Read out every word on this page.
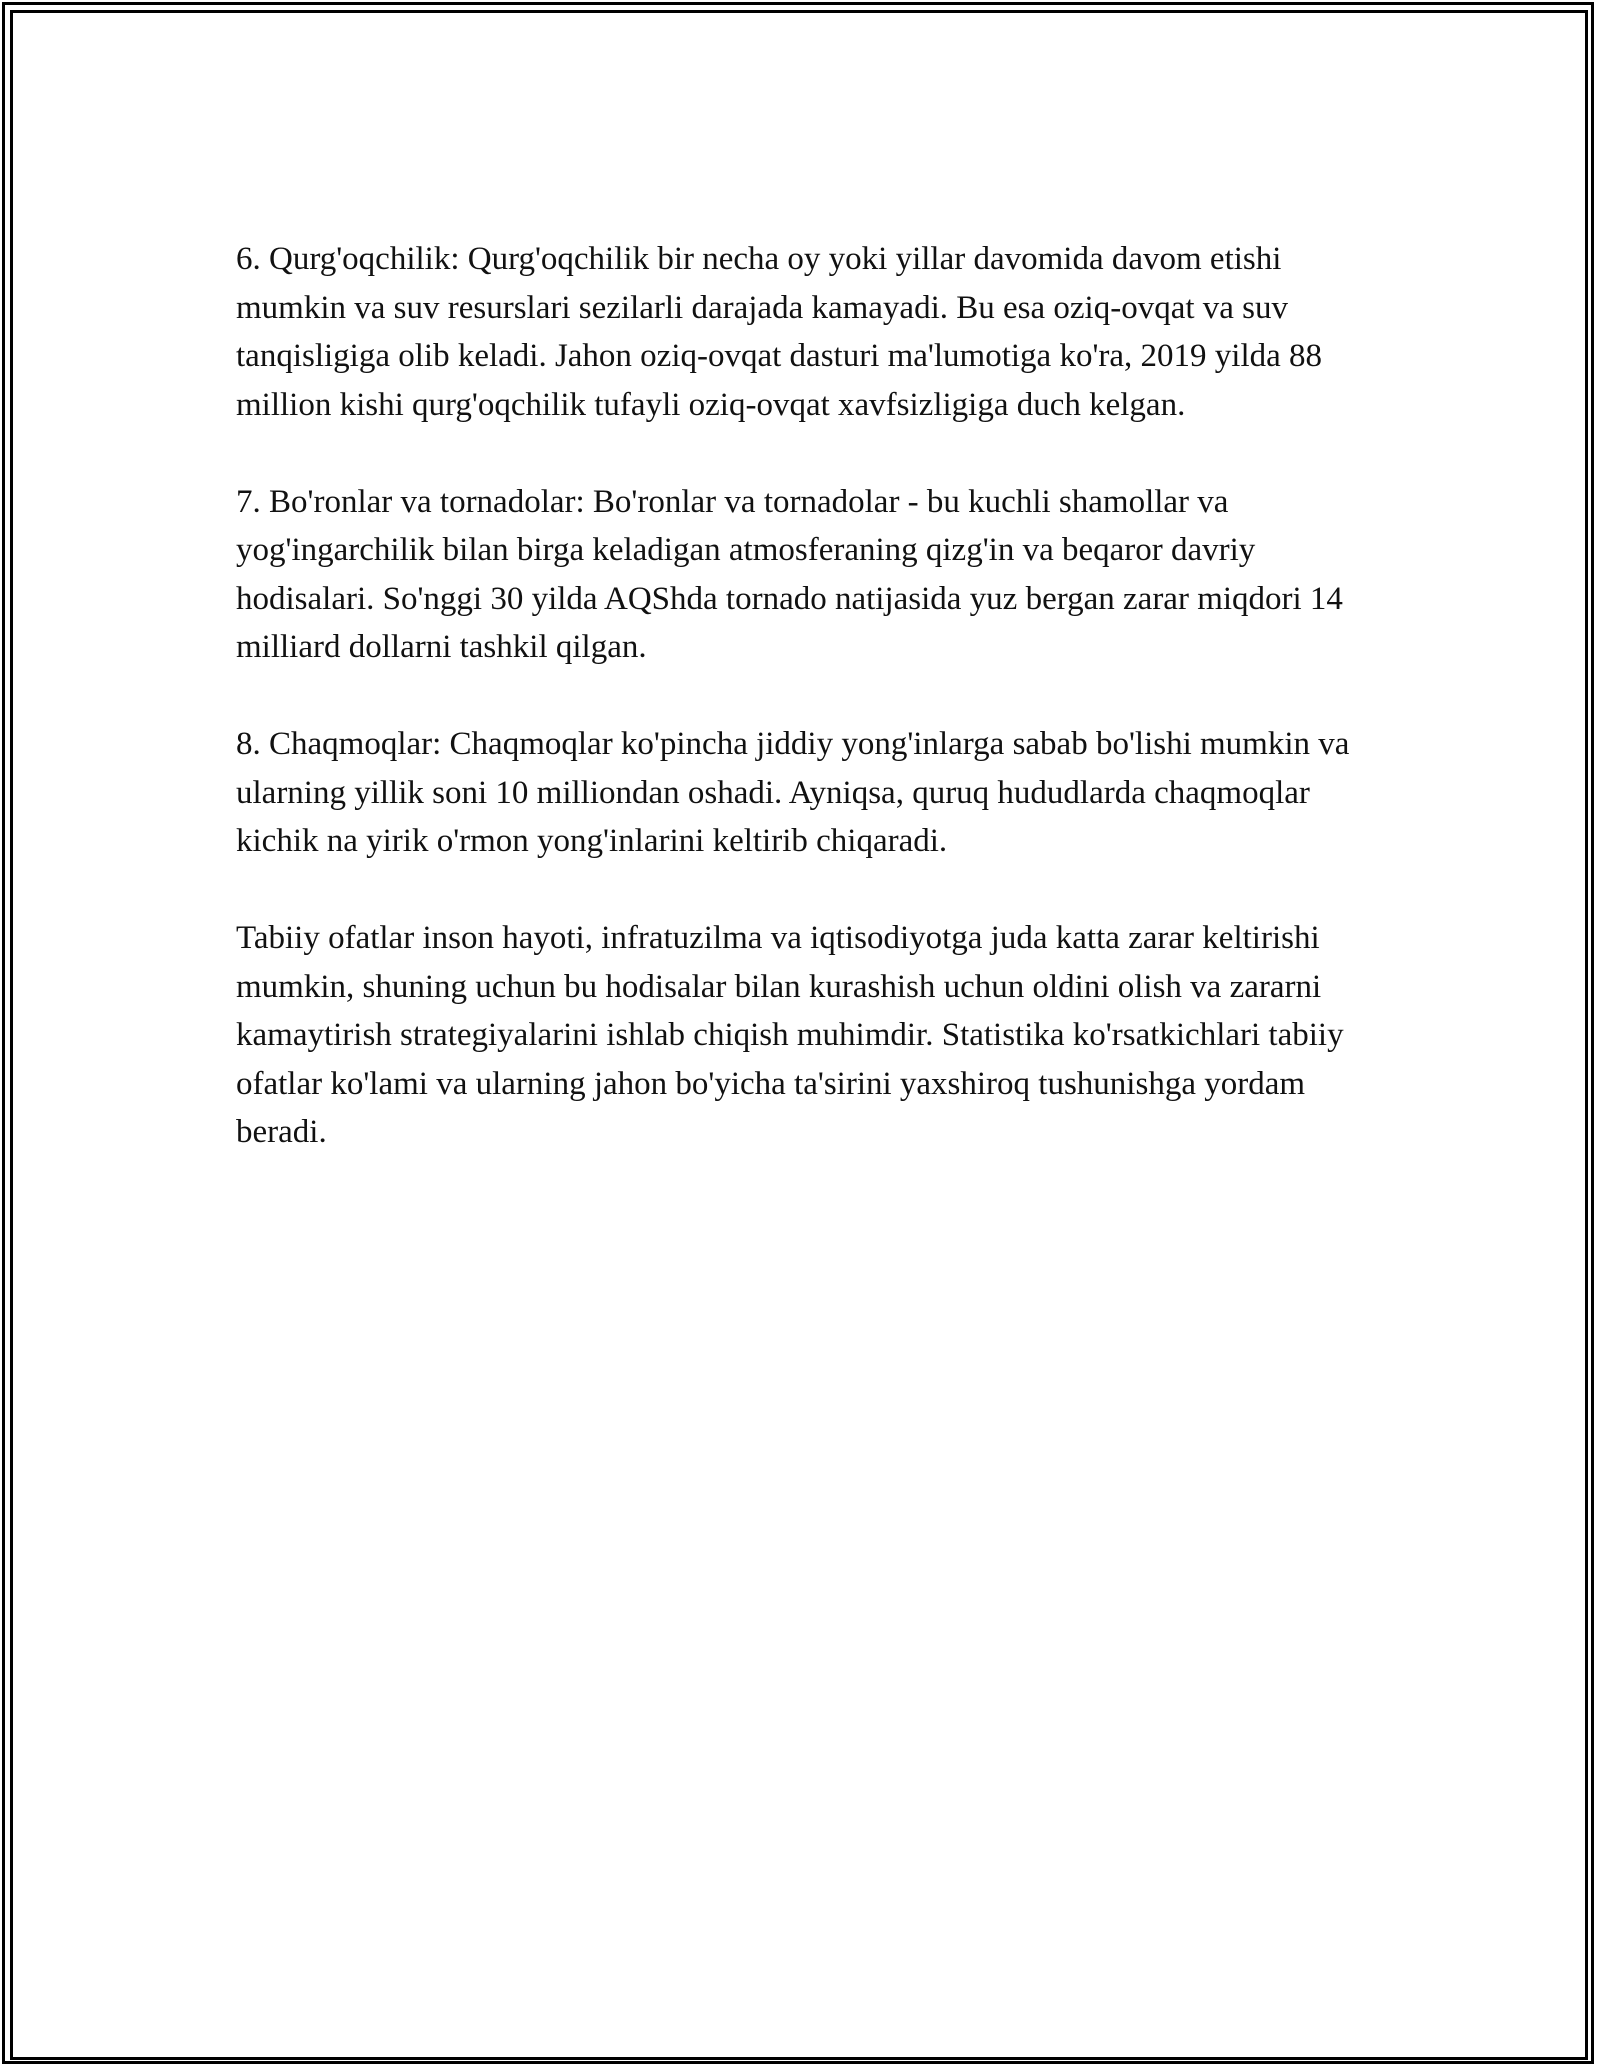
6. Qurg'oqchilik: Qurg'oqchilik bir necha oy yoki yillar davomida davom etishi mumkin va suv resurslari sezilarli darajada kamayadi. Bu esa oziq-ovqat va suv tanqisligiga olib keladi. Jahon oziq-ovqat dasturi ma'lumotiga ko'ra, 2019 yilda 88 million kishi qurg'oqchilik tufayli oziq-ovqat xavfsizligiga duch kelgan.

7. Bo'ronlar va tornadolar: Bo'ronlar va tornadolar - bu kuchli shamollar va yog'ingarchilik bilan birga keladigan atmosferaning qizg'in va beqaror davriy hodisalari. So'nggi 30 yilda AQShda tornado natijasida yuz bergan zarar miqdori 14 milliard dollarni tashkil qilgan.

8. Chaqmoqlar: Chaqmoqlar ko'pincha jiddiy yong'inlarga sabab bo'lishi mumkin va ularning yillik soni 10 milliondan oshadi. Ayniqsa, quruq hududlarda chaqmoqlar kichik na yirik o'rmon yong'inlarini keltirib chiqaradi.

Tabiiy ofatlar inson hayoti, infratuzilma va iqtisodiyotga juda katta zarar keltirishi mumkin, shuning uchun bu hodisalar bilan kurashish uchun oldini olish va zararni kamaytirish strategiyalarini ishlab chiqish muhimdir. Statistika ko'rsatkichlari tabiiy ofatlar ko'lami va ularning jahon bo'yicha ta'sirini yaxshiroq tushunishga yordam beradi.
